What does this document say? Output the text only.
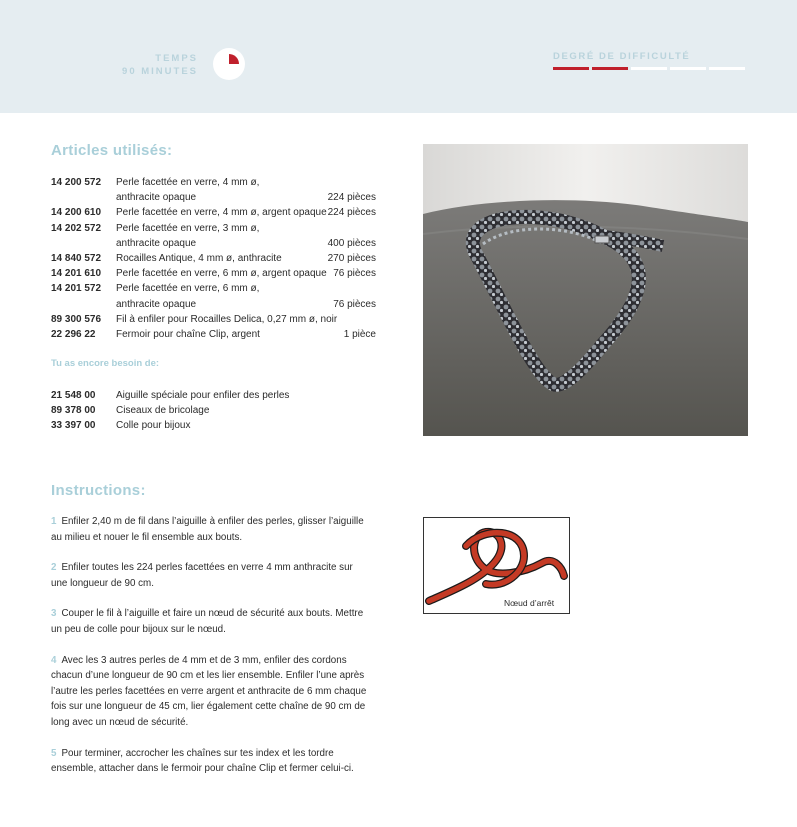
TEMPS
90 MINUTES
DEGRÉ DE DIFFICULTÉ
Articles utilisés:
14 200 572	Perle facettée en verre, 4 mm ø,
anthracite opaque	224 pièces
14 200 610	Perle facettée en verre, 4 mm ø, argent opaque 224 pièces
14 202 572	Perle facettée en verre, 3 mm ø,
anthracite opaque	400 pièces
14 840 572	Rocailles Antique, 4 mm ø, anthracite	270 pièces
14 201 610	Perle facettée en verre, 6 mm ø, argent opaque 76 pièces
14 201 572	Perle facettée en verre, 6 mm ø,
anthracite opaque	76 pièces
89 300 576	Fil à enfiler pour Rocailles Delica, 0,27 mm ø, noir
22 296 22	Fermoir pour chaîne Clip, argent	1 pièce
Tu as encore besoin de:
21 548 00	Aiguille spéciale pour enfiler des perles
89 378 00	Ciseaux de bricolage
33 397 00	Colle pour bijoux
Instructions:

1 Enfiler 2,40 m de fil dans l’aiguille à enfiler des perles, glisser l’aiguille au milieu et nouer le fil ensemble aux bouts.

2 Enfiler toutes les 224 perles facettées en verre 4 mm anthracite sur une longueur de 90 cm.

3 Couper le fil à l’aiguille et faire un nœud de sécurité aux bouts. Mettre un peu de colle pour bijoux sur le nœud.

4 Avec les 3 autres perles de 4 mm et de 3 mm, enfiler des cordons chacun d’une longueur de 90 cm et les lier ensemble. Enfiler l’une après l’autre les perles facettées en verre argent et anthracite de 6 mm chaque fois sur une longueur de 45 cm, lier également cette chaîne de 90 cm de long avec un nœud de sécurité.

5 Pour terminer, accrocher les chaînes sur tes index et les tordre ensemble, attacher dans le fermoir pour chaîne Clip et fermer celui-ci.

Nœud d’arrêt
